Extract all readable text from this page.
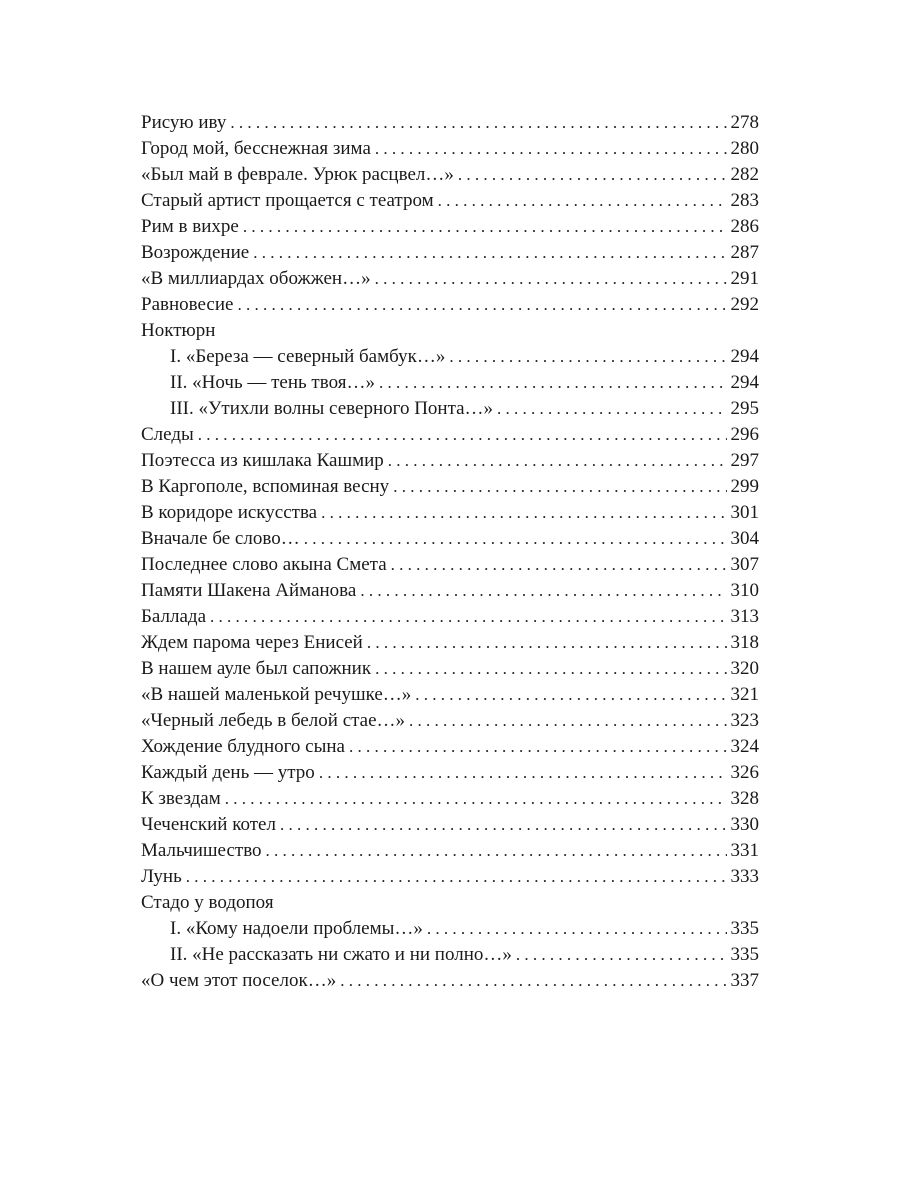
Рисую иву . . .	278
Город мой, бесснежная зима . . .	280
«Был май в феврале. Урюк расцвел…» . . .	282
Старый артист прощается с театром . . .	283
Рим в вихре . . .	286
Возрождение . . .	287
«В миллиардах обожжен…» . . .	291
Равновесие . . .	292
Ноктюрн
I. «Береза — северный бамбук…» . . .	294
II. «Ночь — тень твоя…» . . .	294
III. «Утихли волны северного Понта…» . . .	295
Следы . . .	296
Поэтесса из кишлака Кашмир . . .	297
В Каргополе, вспоминая весну . . .	299
В коридоре искусства . . .	301
Вначале бе слово… . . .	304
Последнее слово акына Смета . . .	307
Памяти Шакена Айманова . . .	310
Баллада . . .	313
Ждем парома через Енисей . . .	318
В нашем ауле был сапожник . . .	320
«В нашей маленькой речушке…» . . .	321
«Черный лебедь в белой стае…» . . .	323
Хождение блудного сына . . .	324
Каждый день — утро . . .	326
К звездам . . .	328
Чеченский котел . . .	330
Мальчишество . . .	331
Лунь . . .	333
Стадо у водопоя
I. «Кому надоели проблемы…» . . .	335
II. «Не рассказать ни сжато и ни полно…» . . .	335
«О чем этот поселок…» . . .	337
